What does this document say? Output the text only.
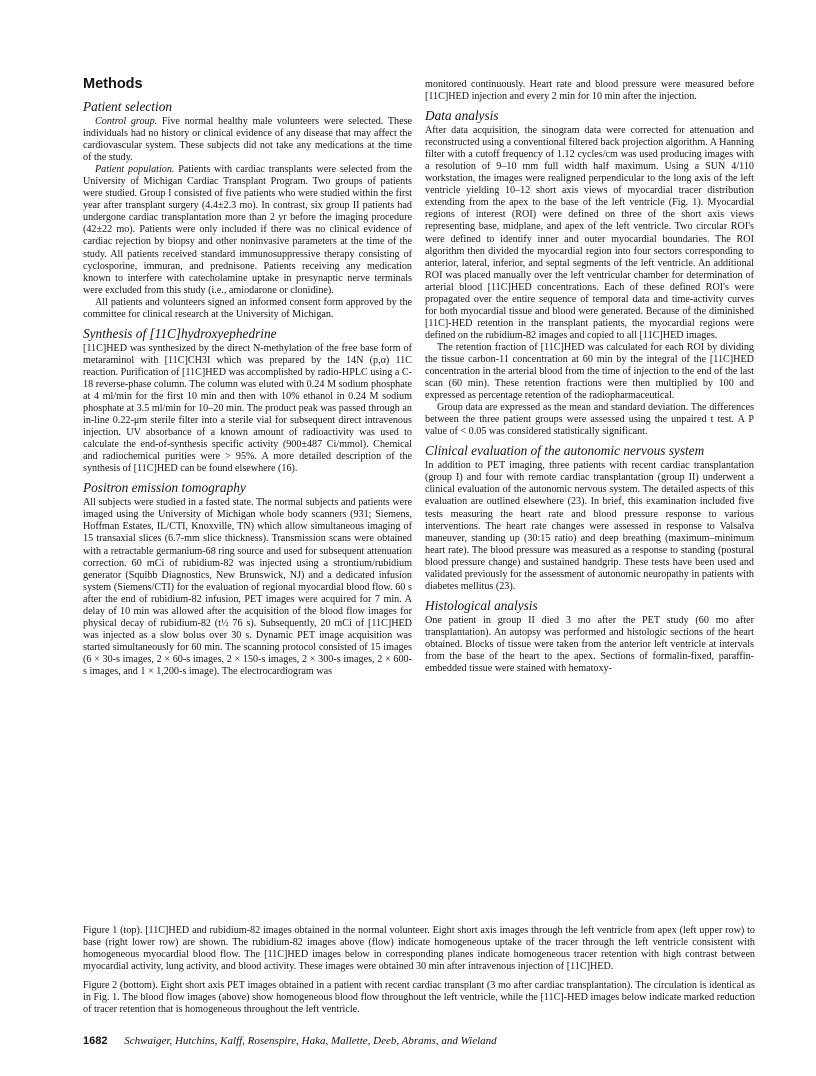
Methods
Patient selection

Control group. Five normal healthy male volunteers were selected. These individuals had no history or clinical evidence of any disease that may affect the cardiovascular system. These subjects did not take any medications at the time of the study.

Patient population. Patients with cardiac transplants were selected from the University of Michigan Cardiac Transplant Program. Two groups of patients were studied. Group I consisted of five patients who were studied within the first year after transplant surgery (4.4±2.3 mo). In contrast, six group II patients had undergone cardiac transplantation more than 2 yr before the imaging procedure (42±22 mo). Patients were only included if there was no clinical evidence of cardiac rejection by biopsy and other noninvasive parameters at the time of the study. All patients received standard immunosuppressive therapy consisting of cyclosporine, immuran, and prednisone. Patients receiving any medication known to interfere with catecholamine uptake in presynaptic nerve terminals were excluded from this study (i.e., amiodarone or clonidine).

All patients and volunteers signed an informed consent form approved by the committee for clinical research at the University of Michigan.

Synthesis of [11C]hydroxyephedrine

[11C]HED was synthesized by the direct N-methylation of the free base form of metaraminol with [11C]CH3I which was prepared by the 14N (p,α) 11C reaction. Purification of [11C]HED was accomplished by radio-HPLC using a C-18 reverse-phase column. The column was eluted with 0.24 M sodium phosphate at 4 ml/min for the first 10 min and then with 10% ethanol in 0.24 M sodium phosphate at 3.5 ml/min for 10–20 min. The product peak was passed through an in-line 0.22-μm sterile filter into a sterile vial for subsequent direct intravenous injection. UV absorbance of a known amount of radioactivity was used to calculate the end-of-synthesis specific activity (900±487 Ci/mmol). Chemical and radiochemical purities were > 95%. A more detailed description of the synthesis of [11C]HED can be found elsewhere (16).

Positron emission tomography

All subjects were studied in a fasted state. The normal subjects and patients were imaged using the University of Michigan whole body scanners (931; Siemens, Hoffman Estates, IL/CTI, Knoxville, TN) which allow simultaneous imaging of 15 transaxial slices (6.7-mm slice thickness). Transmission scans were obtained with a retractable germanium-68 ring source and used for subsequent attenuation correction. 60 mCi of rubidium-82 was injected using a strontium/rubidium generator (Squibb Diagnostics, New Brunswick, NJ) and a dedicated infusion system (Siemens/CTI) for the evaluation of regional myocardial blood flow. 60 s after the end of rubidium-82 infusion, PET images were acquired for 7 min. A delay of 10 min was allowed after the acquisition of the blood flow images for physical decay of rubidium-82 (t½ 76 s). Subsequently, 20 mCi of [11C]HED was injected as a slow bolus over 30 s. Dynamic PET image acquisition was started simultaneously for 60 min. The scanning protocol consisted of 15 images (6 × 30-s images, 2 × 60-s images, 2 × 150-s images, 2 × 300-s images, 2 × 600-s images, and 1 × 1,200-s image). The electrocardiogram was

monitored continuously. Heart rate and blood pressure were measured before [11C]HED injection and every 2 min for 10 min after the injection.

Data analysis

After data acquisition, the sinogram data were corrected for attenuation and reconstructed using a conventional filtered back projection algorithm. A Hanning filter with a cutoff frequency of 1.12 cycles/cm was used producing images with a resolution of 9–10 mm full width half maximum. Using a SUN 4/110 workstation, the images were realigned perpendicular to the long axis of the left ventricle yielding 10–12 short axis views of myocardial tracer distribution extending from the apex to the base of the left ventricle (Fig. 1). Myocardial regions of interest (ROI) were defined on three of the short axis views representing base, midplane, and apex of the left ventricle. Two circular ROI's were defined to identify inner and outer myocardial boundaries. The ROI algorithm then divided the myocardial region into four sectors corresponding to anterior, lateral, inferior, and septal segments of the left ventricle. An additional ROI was placed manually over the left ventricular chamber for determination of arterial blood [11C]HED concentrations. Each of these defined ROI's were propagated over the entire sequence of temporal data and time-activity curves for both myocardial tissue and blood were generated. Because of the diminished [11C]-HED retention in the transplant patients, the myocardial regions were defined on the rubidium-82 images and copied to all [11C]HED images.

The retention fraction of [11C]HED was calculated for each ROI by dividing the tissue carbon-11 concentration at 60 min by the integral of the [11C]HED concentration in the arterial blood from the time of injection to the end of the last scan (60 min). These retention fractions were then multiplied by 100 and expressed as percentage retention of the radiopharmaceutical.

Group data are expressed as the mean and standard deviation. The differences between the three patient groups were assessed using the unpaired t test. A P value of < 0.05 was considered statistically significant.

Clinical evaluation of the autonomic nervous system

In addition to PET imaging, three patients with recent cardiac transplantation (group I) and four with remote cardiac transplantation (group II) underwent a clinical evaluation of the autonomic nervous system. The detailed aspects of this evaluation are outlined elsewhere (23). In brief, this examination included five tests measuring the heart rate and blood pressure response to various interventions. The heart rate changes were assessed in response to Valsalva maneuver, standing up (30:15 ratio) and deep breathing (maximum–minimum heart rate). The blood pressure was measured as a response to standing (postural blood pressure change) and sustained handgrip. These tests have been used and validated previously for the assessment of autonomic neuropathy in patients with diabetes mellitus (23).

Histological analysis

One patient in group II died 3 mo after the PET study (60 mo after transplantation). An autopsy was performed and histologic sections of the heart obtained. Blocks of tissue were taken from the anterior left ventricle at intervals from the base of the heart to the apex. Sections of formalin-fixed, paraffin-embedded tissue were stained with hematoxy-

Figure 1 (top). [11C]HED and rubidium-82 images obtained in the normal volunteer. Eight short axis images through the left ventricle from apex (left upper row) to base (right lower row) are shown. The rubidium-82 images above (flow) indicate homogeneous uptake of the tracer through the left ventricle consistent with homogeneous myocardial blood flow. The [11C]HED images below in corresponding planes indicate homogeneous tracer retention with high contrast between myocardial activity, lung activity, and blood activity. These images were obtained 30 min after intravenous injection of [11C]HED.

Figure 2 (bottom). Eight short axis PET images obtained in a patient with recent cardiac transplant (3 mo after cardiac transplantation). The circulation is identical as in Fig. 1. The blood flow images (above) show homogeneous blood flow throughout the left ventricle, while the [11C]-HED images below indicate marked reduction of tracer retention that is homogeneous throughout the left ventricle.

1682 Schwaiger, Hutchins, Kalff, Rosenspire, Haka, Mallette, Deeb, Abrams, and Wieland
